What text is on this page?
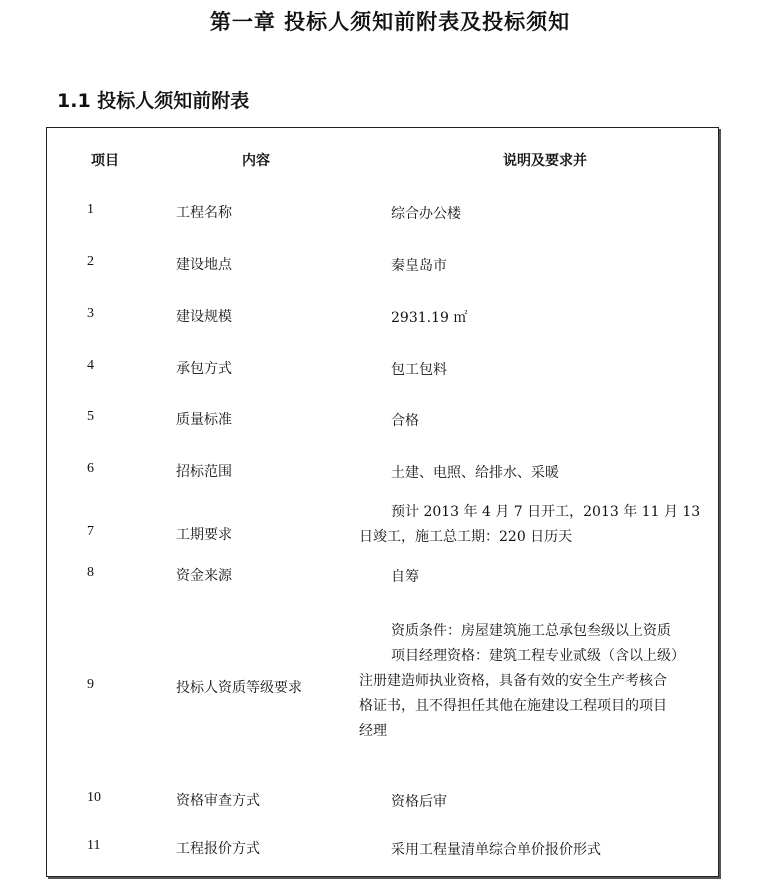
第一章 投标人须知前附表及投标须知
1.1 投标人须知前附表
项目	内容	说明及要求并
1	工程名称	综合办公楼
2	建设地点	秦皇岛市
3	建设规模	2931.19 ㎡
4	承包方式	包工包料
5	质量标准	合格
6	招标范围	土建、电照、给排水、采暖
7	工期要求
预计 2013 年 4 月 7 日开工，2013 年 11 月 13
日竣工，施工总工期：220 日历天
8	资金来源	自筹
9	投标人资质等级要求
资质条件：房屋建筑施工总承包叁级以上资质
项目经理资格：建筑工程专业贰级（含以上级）
注册建造师执业资格，具备有效的安全生产考核合
格证书，且不得担任其他在施建设工程项目的项目
经理
10	资格审查方式	资格后审
11	工程报价方式	采用工程量清单综合单价报价形式
